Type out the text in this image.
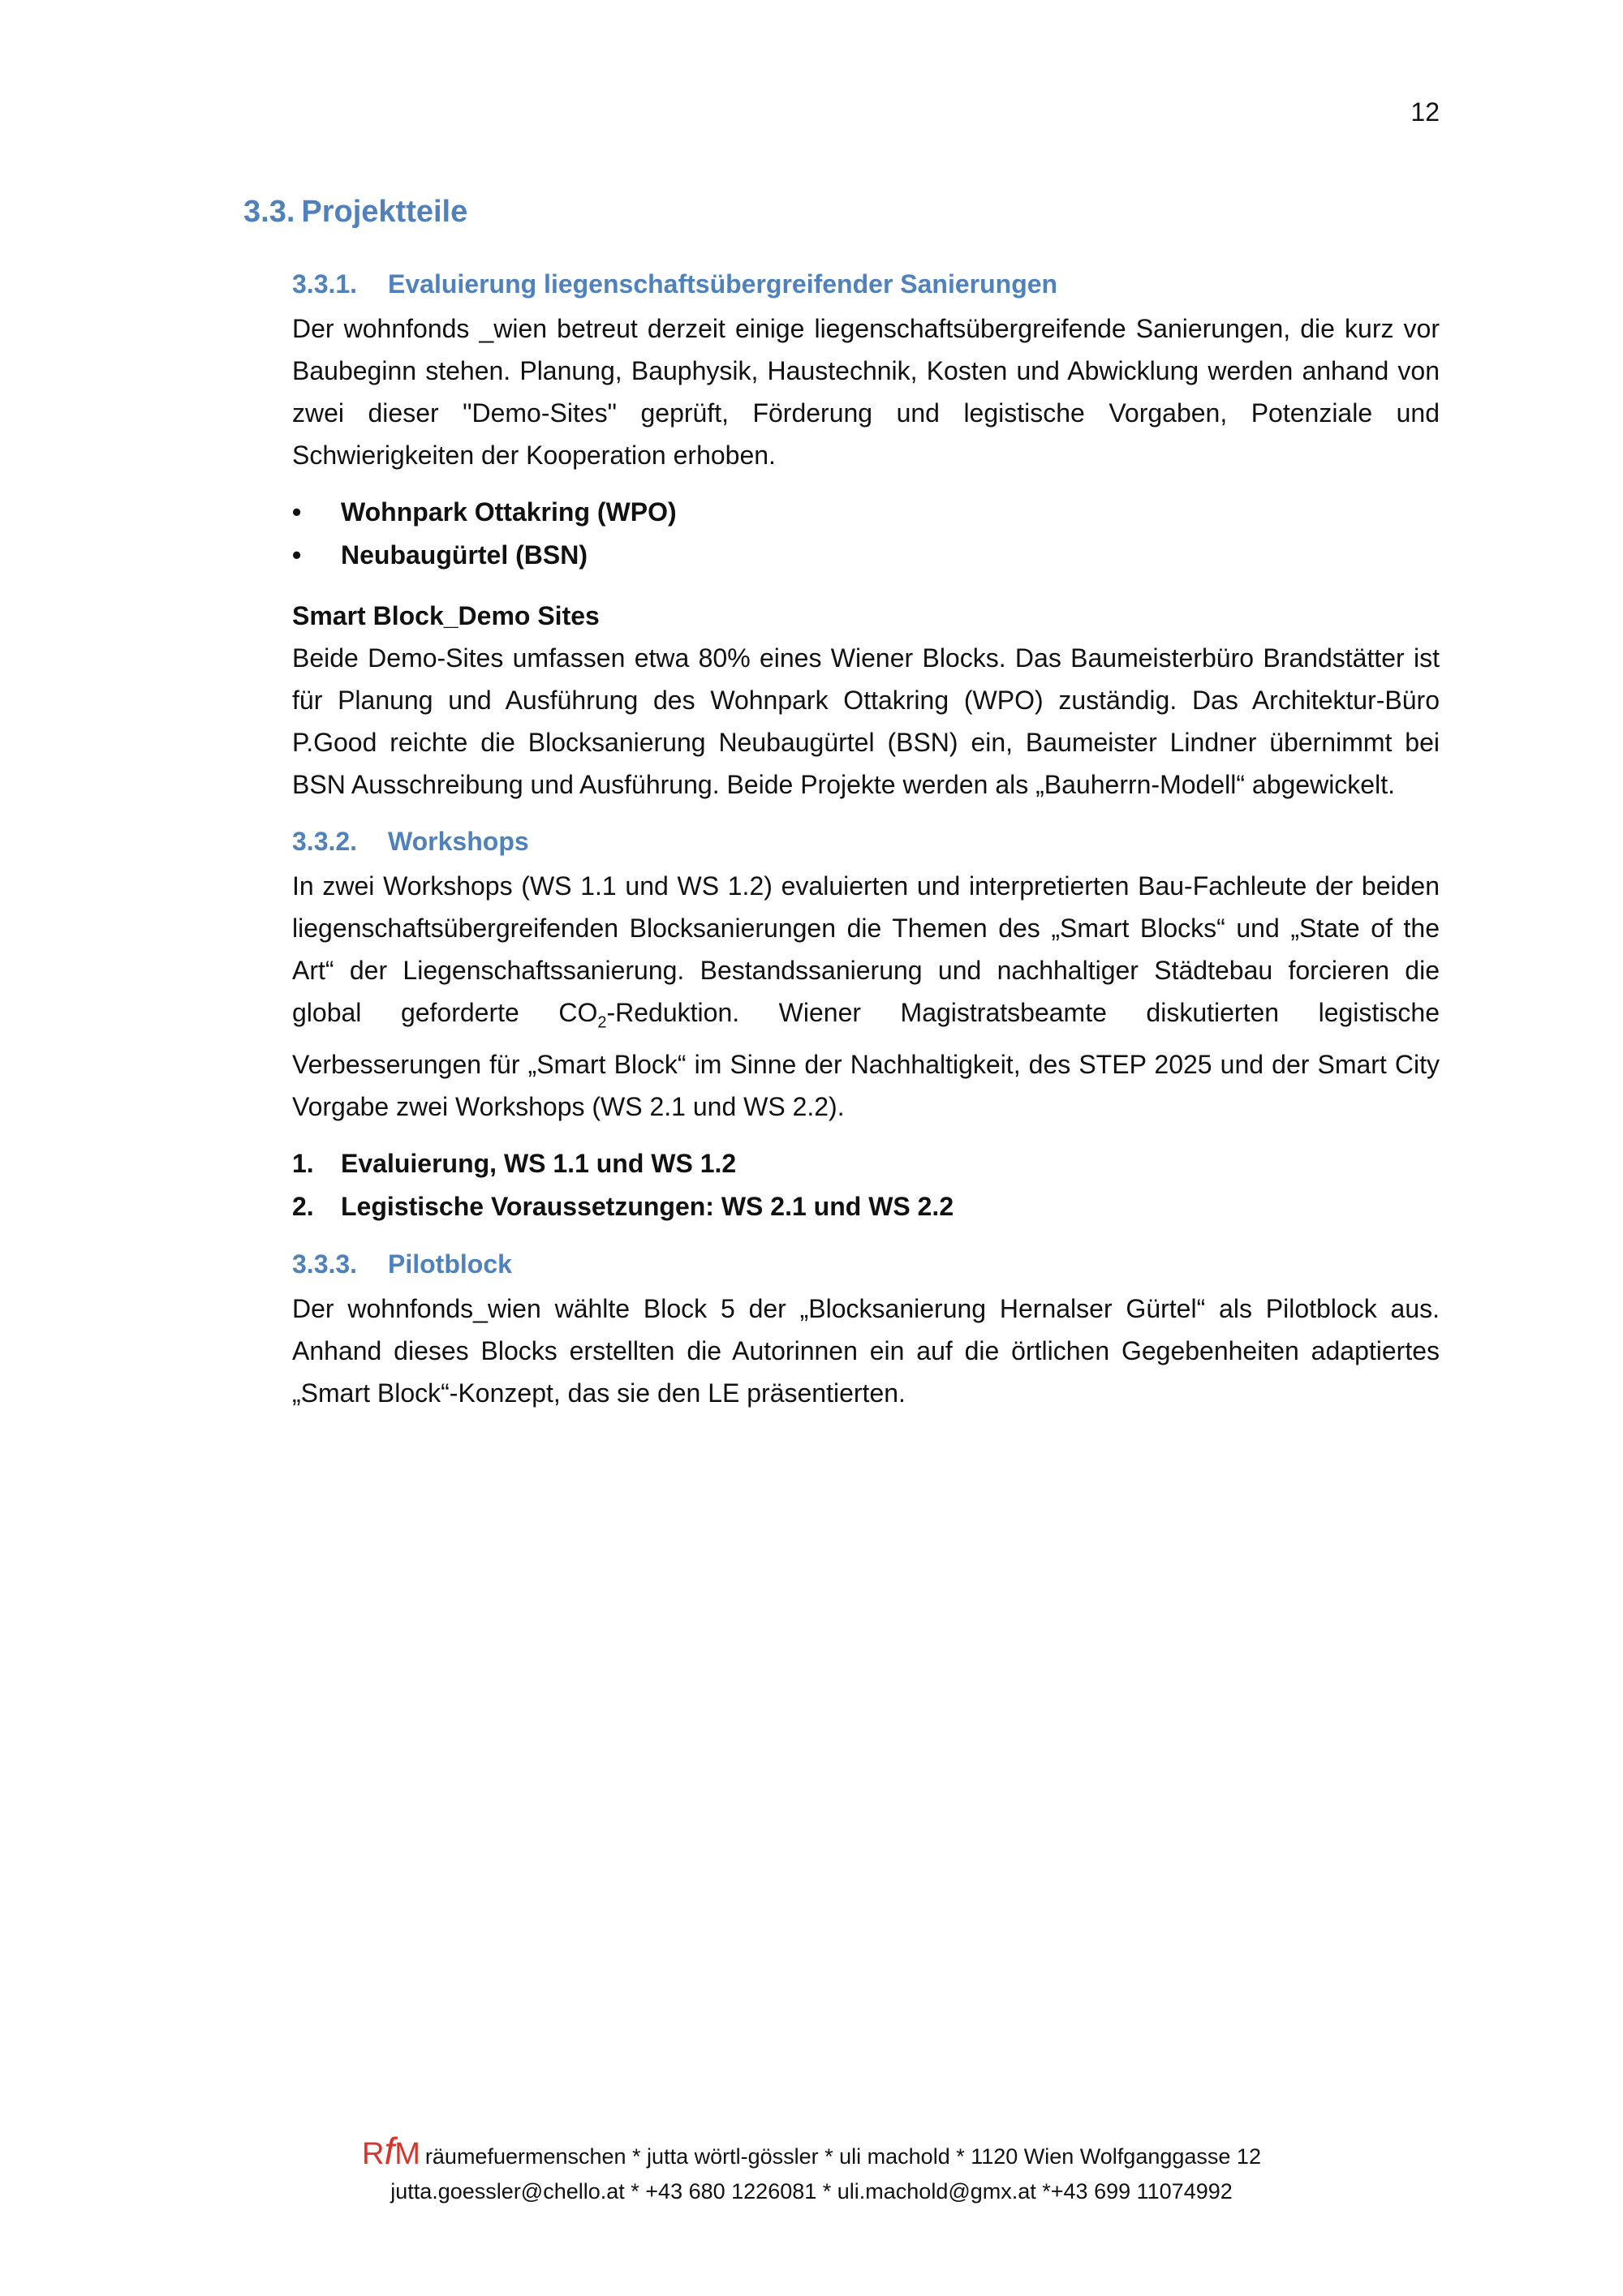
12
3.3. Projektteile
3.3.1. Evaluierung liegenschaftsübergreifender Sanierungen

Der wohnfonds _wien betreut derzeit einige liegenschaftsübergreifende Sanierungen, die kurz vor Baubeginn stehen. Planung, Bauphysik, Haustechnik, Kosten und Abwicklung werden anhand von zwei dieser "Demo-Sites" geprüft, Förderung und legistische Vorgaben, Potenziale und Schwierigkeiten der Kooperation erhoben.

•	Wohnpark Ottakring (WPO)
•	Neubaugürtel (BSN)
Smart Block_Demo Sites

Beide Demo-Sites umfassen etwa 80% eines Wiener Blocks. Das Baumeisterbüro Brandstätter ist für Planung und Ausführung des Wohnpark Ottakring (WPO) zuständig. Das Architektur-Büro P.Good reichte die Blocksanierung Neubaugürtel (BSN) ein, Baumeister Lindner übernimmt bei BSN Ausschreibung und Ausführung. Beide Projekte werden als „Bauherrn-Modell“ abgewickelt.

3.3.2. Workshops

In zwei Workshops (WS 1.1 und WS 1.2) evaluierten und interpretierten Bau-Fachleute der beiden liegenschaftsübergreifenden Blocksanierungen die Themen des „Smart Blocks“ und „State of the Art“ der Liegenschaftssanierung. Bestandssanierung und nachhaltiger Städtebau forcieren die global geforderte $CO_2$-Reduktion. Wiener Magistratsbeamte diskutierten legistische Verbesserungen für „Smart Block“ im Sinne der Nachhaltigkeit, des STEP 2025 und der Smart City Vorgabe zwei Workshops (WS 2.1 und WS 2.2).

1.	Evaluierung, WS 1.1 und WS 1.2
2.	Legistische Voraussetzungen: WS 2.1 und WS 2.2
3.3.3. Pilotblock

Der wohnfonds_wien wählte Block 5 der „Blocksanierung Hernalser Gürtel“ als Pilotblock aus. Anhand dieses Blocks erstellten die Autorinnen ein auf die örtlichen Gegebenheiten adaptiertes „Smart Block“-Konzept, das sie den LE präsentierten.

RfM räumefuermenschen * jutta wörtl-gössler * uli machold * 1120 Wien Wolfganggasse 12
jutta.goessler@chello.at * +43 680 1226081 * uli.machold@gmx.at *+43 699 11074992
